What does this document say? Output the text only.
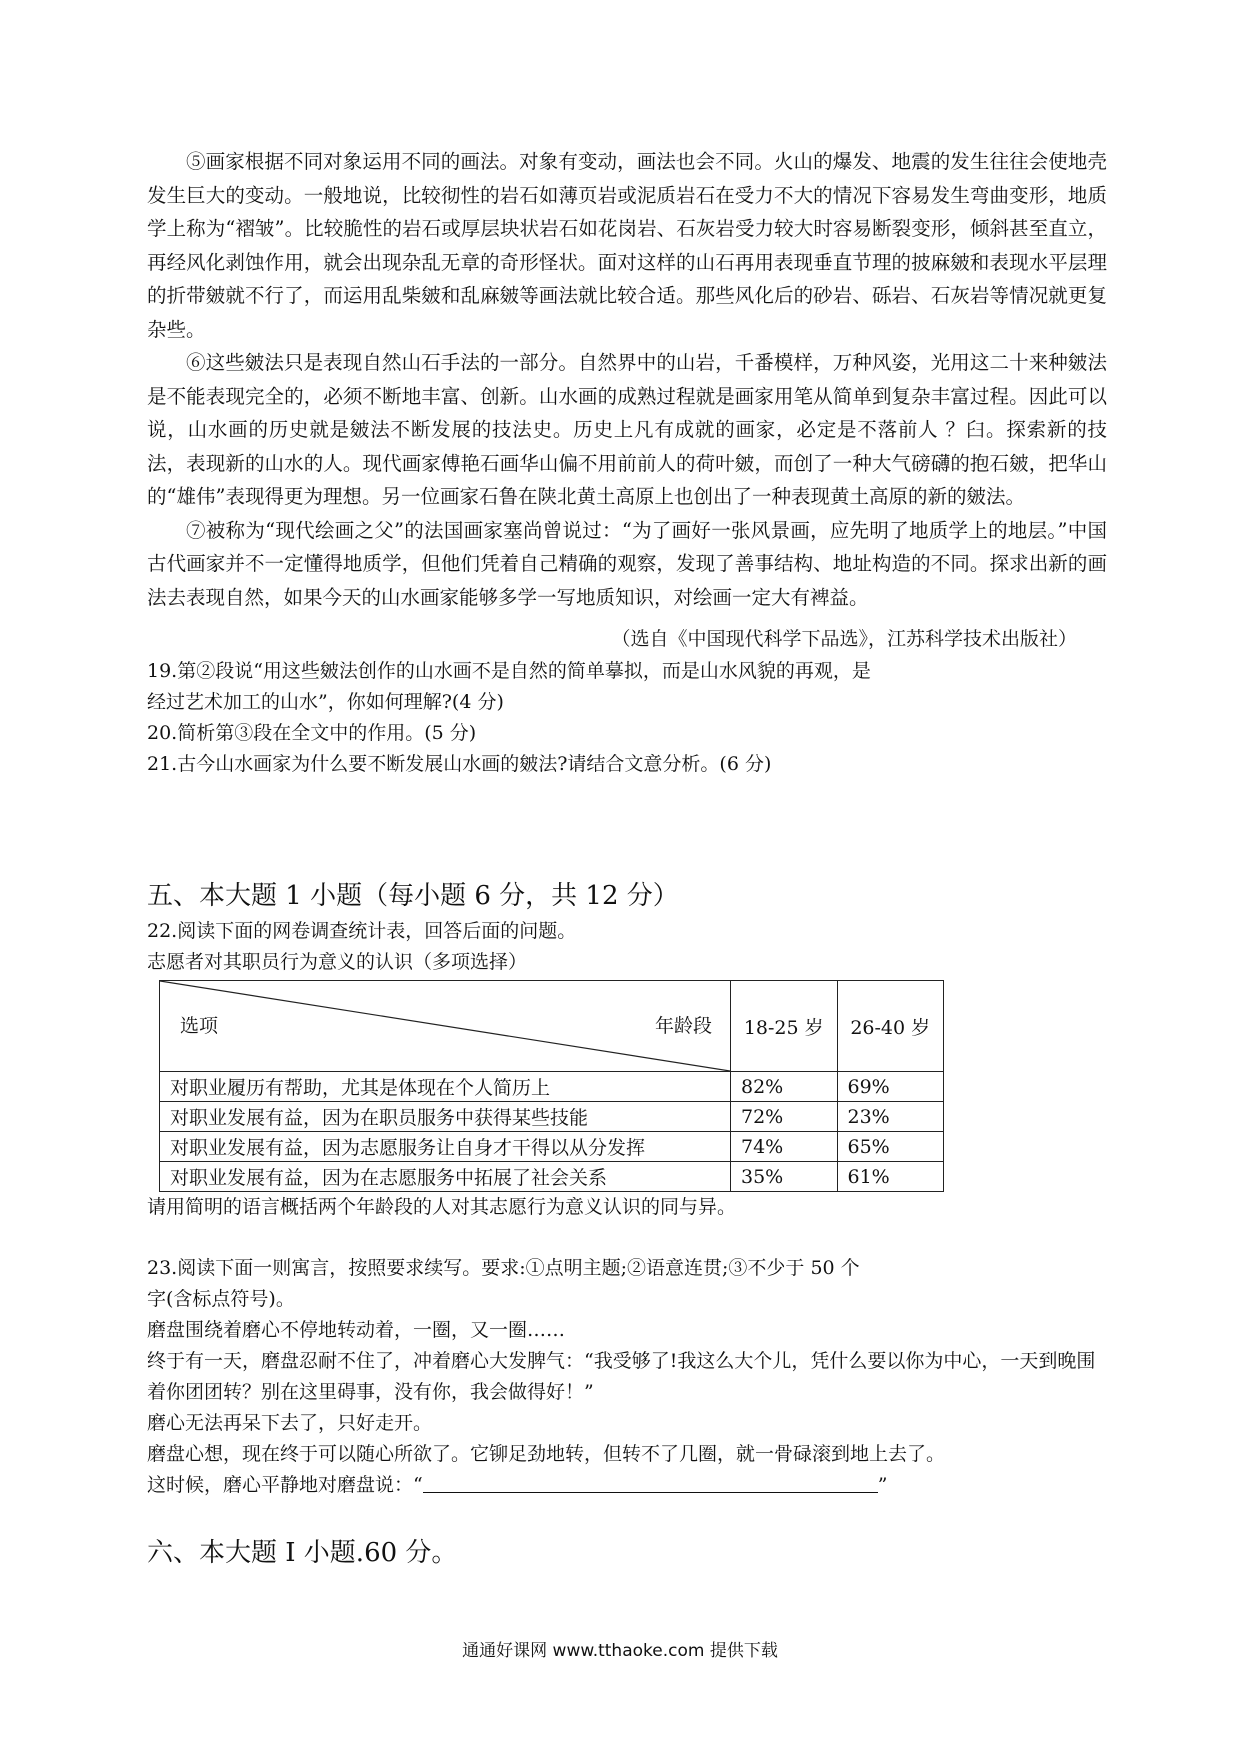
⑤画家根据不同对象运用不同的画法。对象有变动，画法也会不同。火山的爆发、地震的发生往往会使地壳发生巨大的变动。一般地说，比较彻性的岩石如薄页岩或泥质岩石在受力不大的情况下容易发生弯曲变形，地质学上称为“褶皱”。比较脆性的岩石或厚层块状岩石如花岗岩、石灰岩受力较大时容易断裂变形，倾斜甚至直立，再经风化剥蚀作用，就会出现杂乱无章的奇形怪状。面对这样的山石再用表现垂直节理的披麻皴和表现水平层理的折带皴就不行了，而运用乱柴皴和乱麻皴等画法就比较合适。那些风化后的砂岩、砾岩、石灰岩等情况就更复杂些。

⑥这些皴法只是表现自然山石手法的一部分。自然界中的山岩，千番模样，万种风姿，光用这二十来种皴法是不能表现完全的，必须不断地丰富、创新。山水画的成熟过程就是画家用笔从简单到复杂丰富过程。因此可以说，山水画的历史就是皴法不断发展的技法史。历史上凡有成就的画家，必定是不落前人 ？臼。探索新的技法，表现新的山水的人。现代画家傅艳石画华山偏不用前前人的荷叶皴，而创了一种大气磅礴的抱石皴，把华山的“雄伟”表现得更为理想。另一位画家石鲁在陕北黄土高原上也创出了一种表现黄土高原的新的皴法。

⑦被称为“现代绘画之父”的法国画家塞尚曾说过：“为了画好一张风景画，应先明了地质学上的地层。”中国古代画家并不一定懂得地质学，但他们凭着自己精确的观察，发现了善事结构、地址构造的不同。探求出新的画法去表现自然，如果今天的山水画家能够多学一写地质知识，对绘画一定大有裨益。

（选自《中国现代科学下品选》，江苏科学技术出版社）

19.第②段说“用这些皴法创作的山水画不是自然的简单摹拟，而是山水风貌的再观，是
经过艺术加工的山水”，你如何理解?(4 分)

20.简析第③段在全文中的作用。(5 分)

21.古今山水画家为什么要不断发展山水画的皴法?请结合文意分析。(6 分)

五、本大题 1 小题（每小题 6 分，共 12 分）

22.阅读下面的网卷调查统计表，回答后面的问题。

志愿者对其职员行为意义的认识（多项选择）

选项 年龄段	18-25 岁	26-40 岁
对职业履历有帮助，尤其是体现在个人简历上	82%	69%
对职业发展有益，因为在职员服务中获得某些技能	72%	23%
对职业发展有益，因为志愿服务让自身才干得以从分发挥	74%	65%
对职业发展有益，因为在志愿服务中拓展了社会关系	35%	61%

请用简明的语言概括两个年龄段的人对其志愿行为意义认识的同与异。

23.阅读下面一则寓言，按照要求续写。要求:①点明主题;②语意连贯;③不少于 50 个

字(含标点符号)。

磨盘围绕着磨心不停地转动着，一圈，又一圈……

终于有一天，磨盘忍耐不住了，冲着磨心大发脾气：“我受够了!我这么大个儿，凭什么要以你为中心，一天到晚围着你团团转？别在这里碍事，没有你，我会做得好！”

磨心无法再呆下去了，只好走开。

磨盘心想，现在终于可以随心所欲了。它铆足劲地转，但转不了几圈，就一骨碌滚到地上去了。

这时候，磨心平静地对磨盘说：“	”

六、本大题 I 小题.60 分。

通通好课网 www.tthaoke.com 提供下载
